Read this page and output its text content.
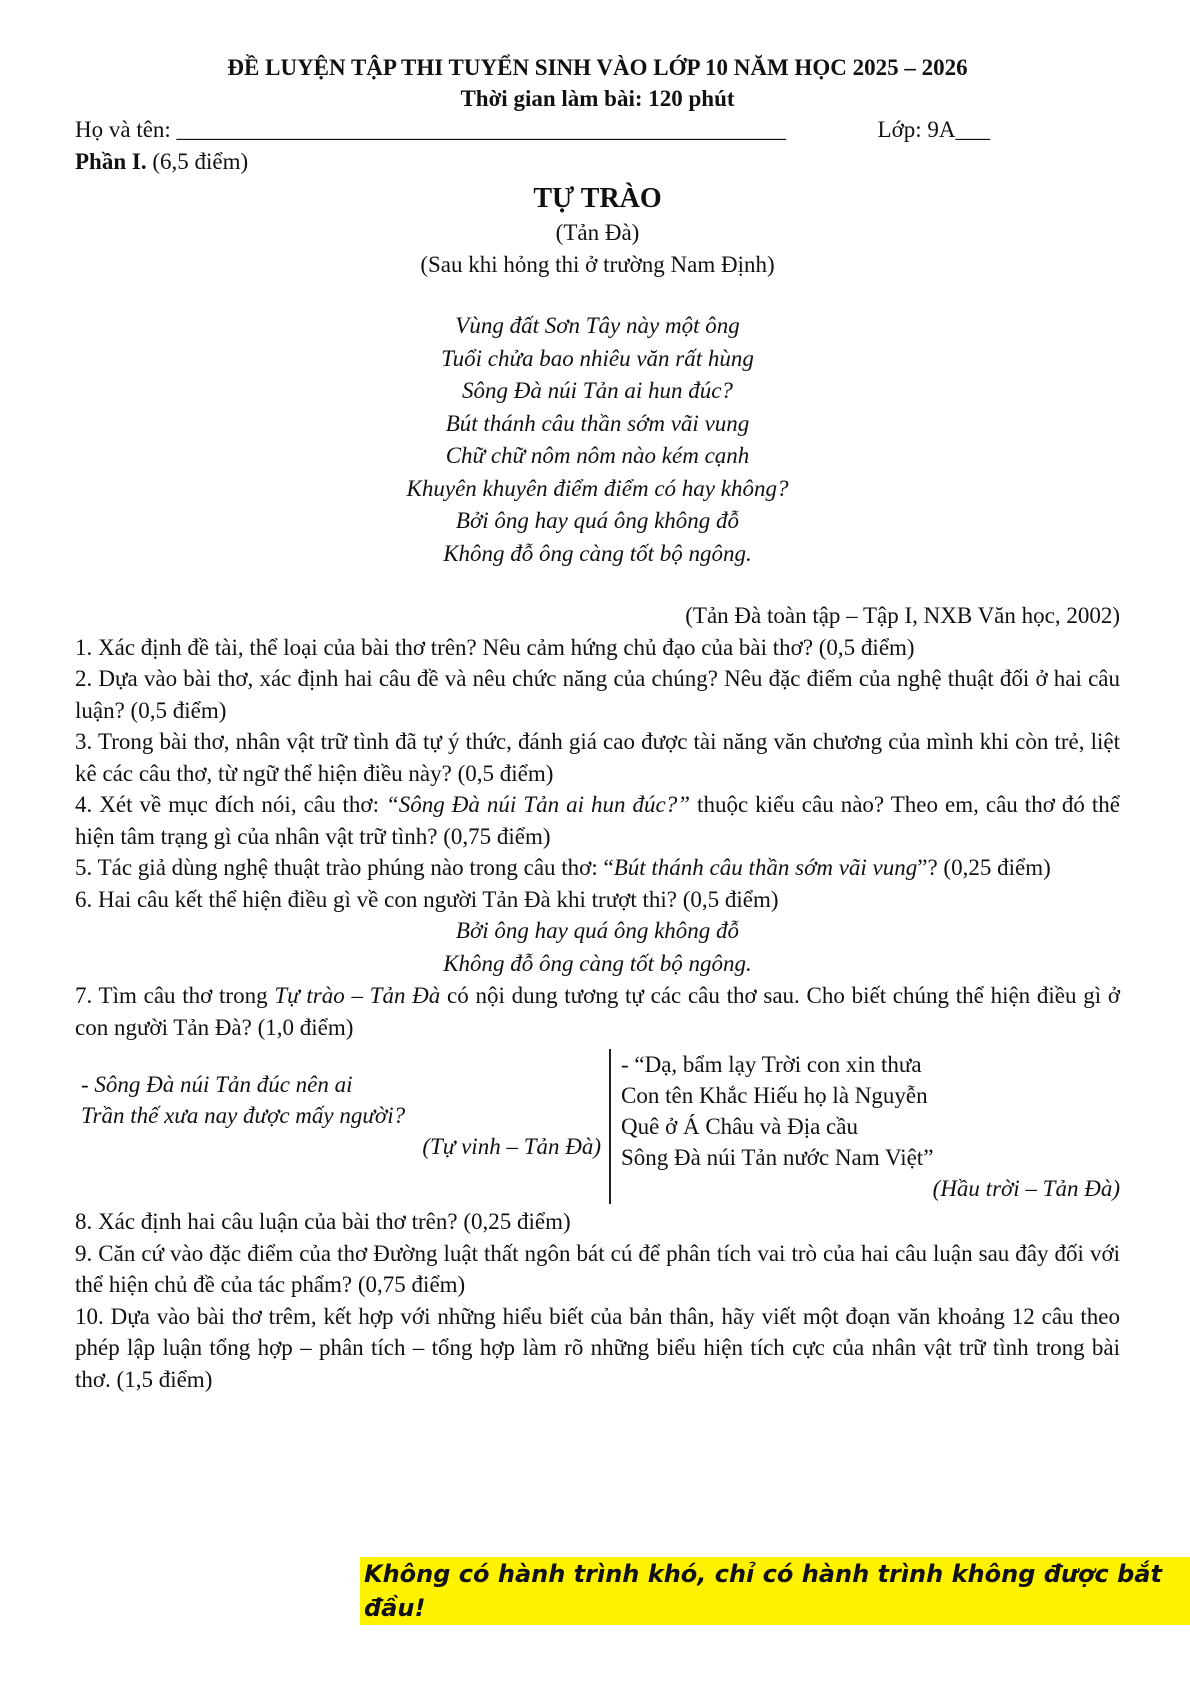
ĐỀ LUYỆN TẬP THI TUYỂN SINH VÀO LỚP 10 NĂM HỌC 2025 – 2026
Thời gian làm bài: 120 phút
Họ và tên: _____________________________________________________	Lớp: 9A___
Phần I. (6,5 điểm)
TỰ TRÀO
(Tản Đà)
(Sau khi hỏng thi ở trường Nam Định)
Vùng đất Sơn Tây này một ông
Tuổi chửa bao nhiêu văn rất hùng
Sông Đà núi Tản ai hun đúc?
Bút thánh câu thần sớm vãi vung
Chữ chữ nôm nôm nào kém cạnh
Khuyên khuyên điểm điểm có hay không?
Bởi ông hay quá ông không đỗ
Không đỗ ông càng tốt bộ ngông.
(Tản Đà toàn tập – Tập I, NXB Văn học, 2002)
1. Xác định đề tài, thể loại của bài thơ trên? Nêu cảm hứng chủ đạo của bài thơ? (0,5 điểm)
2. Dựa vào bài thơ, xác định hai câu đề và nêu chức năng của chúng? Nêu đặc điểm của nghệ thuật đối ở hai câu luận? (0,5 điểm)
3. Trong bài thơ, nhân vật trữ tình đã tự ý thức, đánh giá cao được tài năng văn chương của mình khi còn trẻ, liệt kê các câu thơ, từ ngữ thể hiện điều này? (0,5 điểm)
4. Xét về mục đích nói, câu thơ: “Sông Đà núi Tản ai hun đúc?” thuộc kiểu câu nào? Theo em, câu thơ đó thể hiện tâm trạng gì của nhân vật trữ tình? (0,75 điểm)
5. Tác giả dùng nghệ thuật trào phúng nào trong câu thơ: “Bút thánh câu thần sớm vãi vung”? (0,25 điểm)
6. Hai câu kết thể hiện điều gì về con người Tản Đà khi trượt thi? (0,5 điểm)
Bởi ông hay quá ông không đỗ
Không đỗ ông càng tốt bộ ngông.
7. Tìm câu thơ trong Tự trào – Tản Đà có nội dung tương tự các câu thơ sau. Cho biết chúng thể hiện điều gì ở con người Tản Đà? (1,0 điểm)
- Sông Đà núi Tản đúc nên ai
Trần thế xưa nay được mấy người?
(Tự vinh – Tản Đà)
- “Dạ, bẩm lạy Trời con xin thưa
Con tên Khắc Hiếu họ là Nguyễn
Quê ở Á Châu và Địa cầu
Sông Đà núi Tản nước Nam Việt”
(Hầu trời – Tản Đà)
8. Xác định hai câu luận của bài thơ trên? (0,25 điểm)
9. Căn cứ vào đặc điểm của thơ Đường luật thất ngôn bát cú để phân tích vai trò của hai câu luận sau đây đối với thể hiện chủ đề của tác phẩm? (0,75 điểm)
10. Dựa vào bài thơ trêm, kết hợp với những hiểu biết của bản thân, hãy viết một đoạn văn khoảng 12 câu theo phép lập luận tổng hợp – phân tích – tổng hợp làm rõ những biểu hiện tích cực của nhân vật trữ tình trong bài thơ. (1,5 điểm)
Không có hành trình khó, chỉ có hành trình không được bắt đầu!
